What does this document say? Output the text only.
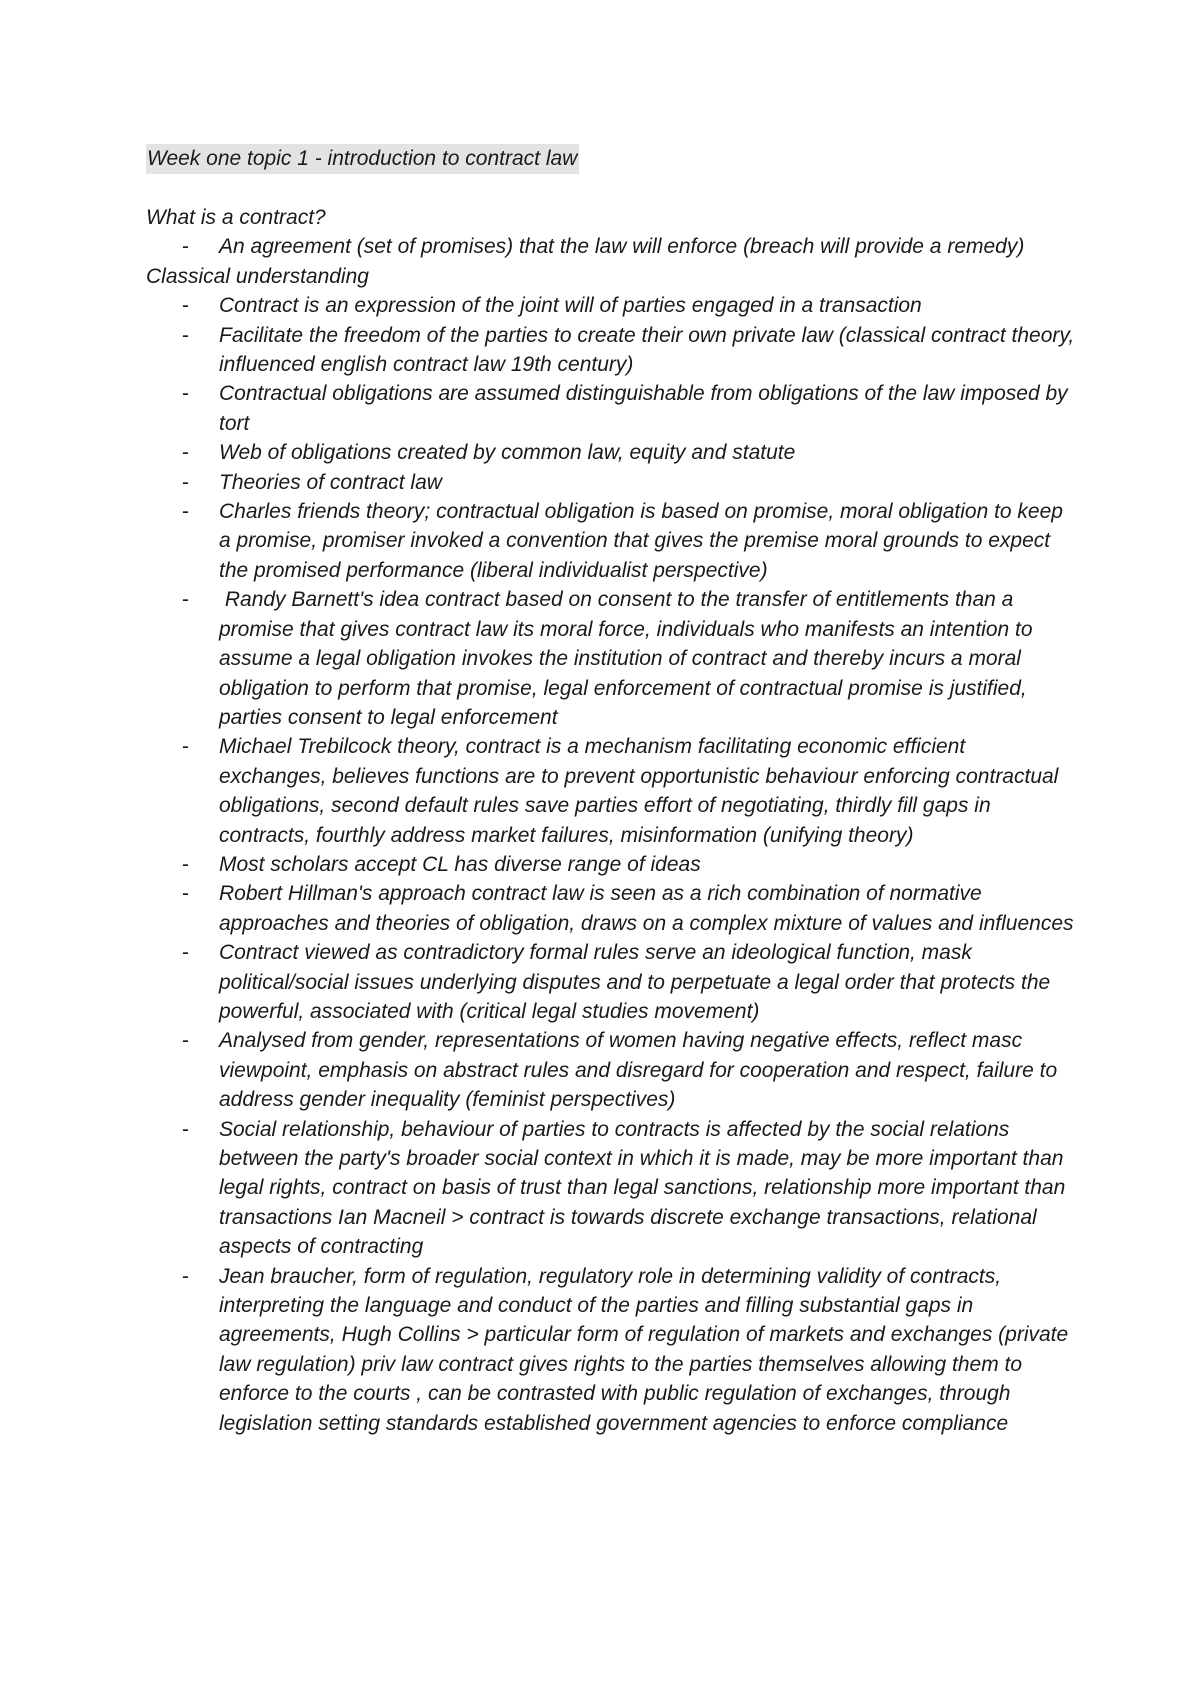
Week one topic 1 - introduction to contract law

What is a contract?

- An agreement (set of promises) that the law will enforce (breach will provide a remedy)

Classical understanding

- Contract is an expression of the joint will of parties engaged in a transaction
- Facilitate the freedom of the parties to create their own private law (classical contract theory, influenced english contract law 19th century)
- Contractual obligations are assumed distinguishable from obligations of the law imposed by tort
- Web of obligations created by common law, equity and statute
- Theories of contract law
- Charles friends theory; contractual obligation is based on promise, moral obligation to keep a promise, promiser invoked a convention that gives the premise moral grounds to expect the promised performance (liberal individualist perspective)
- Randy Barnett's idea contract based on consent to the transfer of entitlements than a promise that gives contract law its moral force, individuals who manifests an intention to assume a legal obligation invokes the institution of contract and thereby incurs a moral obligation to perform that promise, legal enforcement of contractual promise is justified, parties consent to legal enforcement
- Michael Trebilcock theory, contract is a mechanism facilitating economic efficient exchanges, believes functions are to prevent opportunistic behaviour enforcing contractual obligations, second default rules save parties effort of negotiating, thirdly fill gaps in contracts, fourthly address market failures, misinformation (unifying theory)
- Most scholars accept CL has diverse range of ideas
- Robert Hillman's approach contract law is seen as a rich combination of normative approaches and theories of obligation, draws on a complex mixture of values and influences
- Contract viewed as contradictory formal rules serve an ideological function, mask political/social issues underlying disputes and to perpetuate a legal order that protects the powerful, associated with (critical legal studies movement)
- Analysed from gender, representations of women having negative effects, reflect masc viewpoint, emphasis on abstract rules and disregard for cooperation and respect, failure to address gender inequality (feminist perspectives)
- Social relationship, behaviour of parties to contracts is affected by the social relations between the party's broader social context in which it is made, may be more important than legal rights, contract on basis of trust than legal sanctions, relationship more important than transactions Ian Macneil > contract is towards discrete exchange transactions, relational aspects of contracting
- Jean braucher, form of regulation, regulatory role in determining validity of contracts, interpreting the language and conduct of the parties and filling substantial gaps in agreements, Hugh Collins > particular form of regulation of markets and exchanges (private law regulation) priv law contract gives rights to the parties themselves allowing them to enforce to the courts , can be contrasted with public regulation of exchanges, through legislation setting standards established government agencies to enforce compliance
